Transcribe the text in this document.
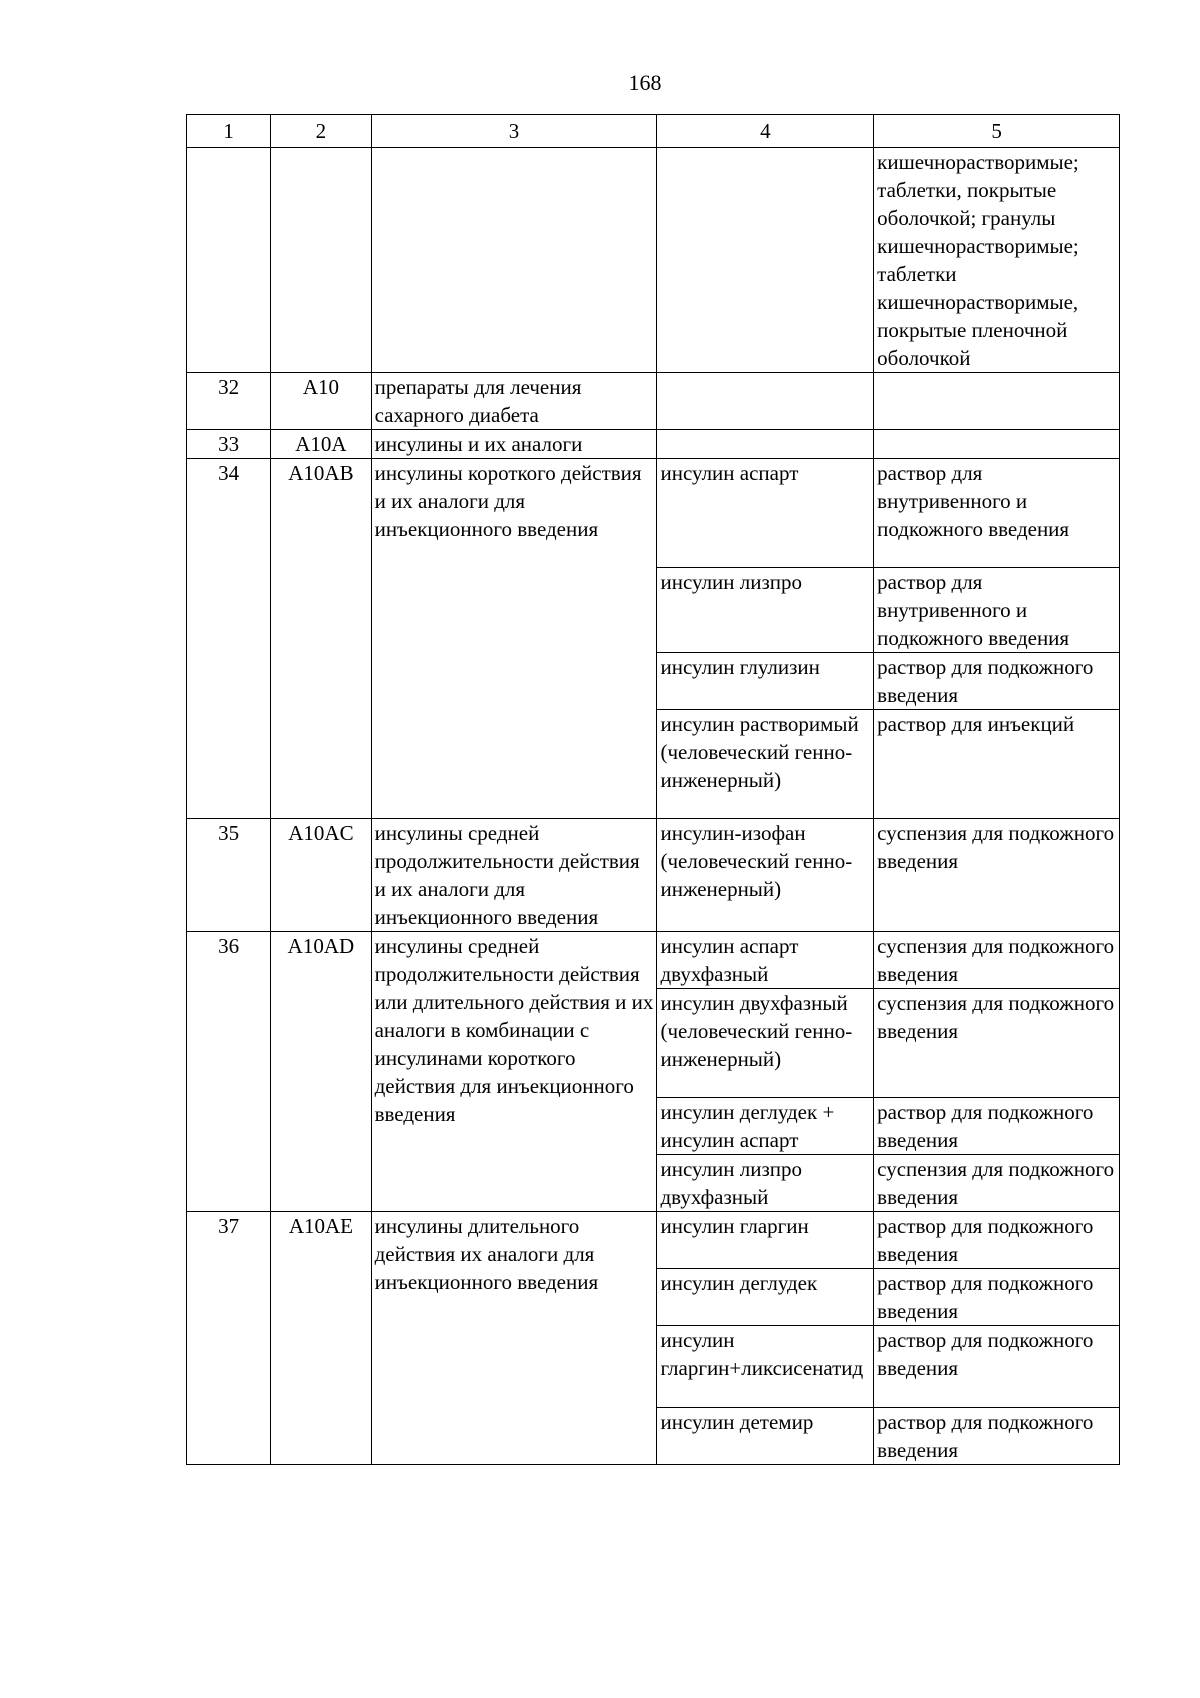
168
1	2	3	4	5
				кишечнорастворимые; таблетки, покрытые оболочкой; гранулы кишечнорастворимые; таблетки кишечнорастворимые, покрытые пленочной оболочкой
32	A10	препараты для лечения сахарного диабета		
33	A10A	инсулины и их аналоги		
34	A10AB	инсулины короткого действия и их аналоги для инъекционного введения	инсулин аспарт	раствор для внутривенного и подкожного введения
			инсулин лизпро	раствор для внутривенного и подкожного введения
			инсулин глулизин	раствор для подкожного введения
			инсулин растворимый (человеческий генно-инженерный)	раствор для инъекций
35	A10AC	инсулины средней продолжительности действия и их аналоги для инъекционного введения	инсулин-изофан (человеческий генно-инженерный)	суспензия для подкожного введения
36	A10AD	инсулины средней продолжительности действия или длительного действия и их аналоги в комбинации с инсулинами короткого действия для инъекционного введения	инсулин аспарт двухфазный	суспензия для подкожного введения
			инсулин двухфазный (человеческий генно-инженерный)	суспензия для подкожного введения
			инсулин деглудек + инсулин аспарт	раствор для подкожного введения
			инсулин лизпро двухфазный	суспензия для подкожного введения
37	A10AE	инсулины длительного действия их аналоги для инъекционного введения	инсулин гларгин	раствор для подкожного введения
			инсулин деглудек	раствор для подкожного введения
			инсулин гларгин+ликсисенатид	раствор для подкожного введения
			инсулин детемир	раствор для подкожного введения
